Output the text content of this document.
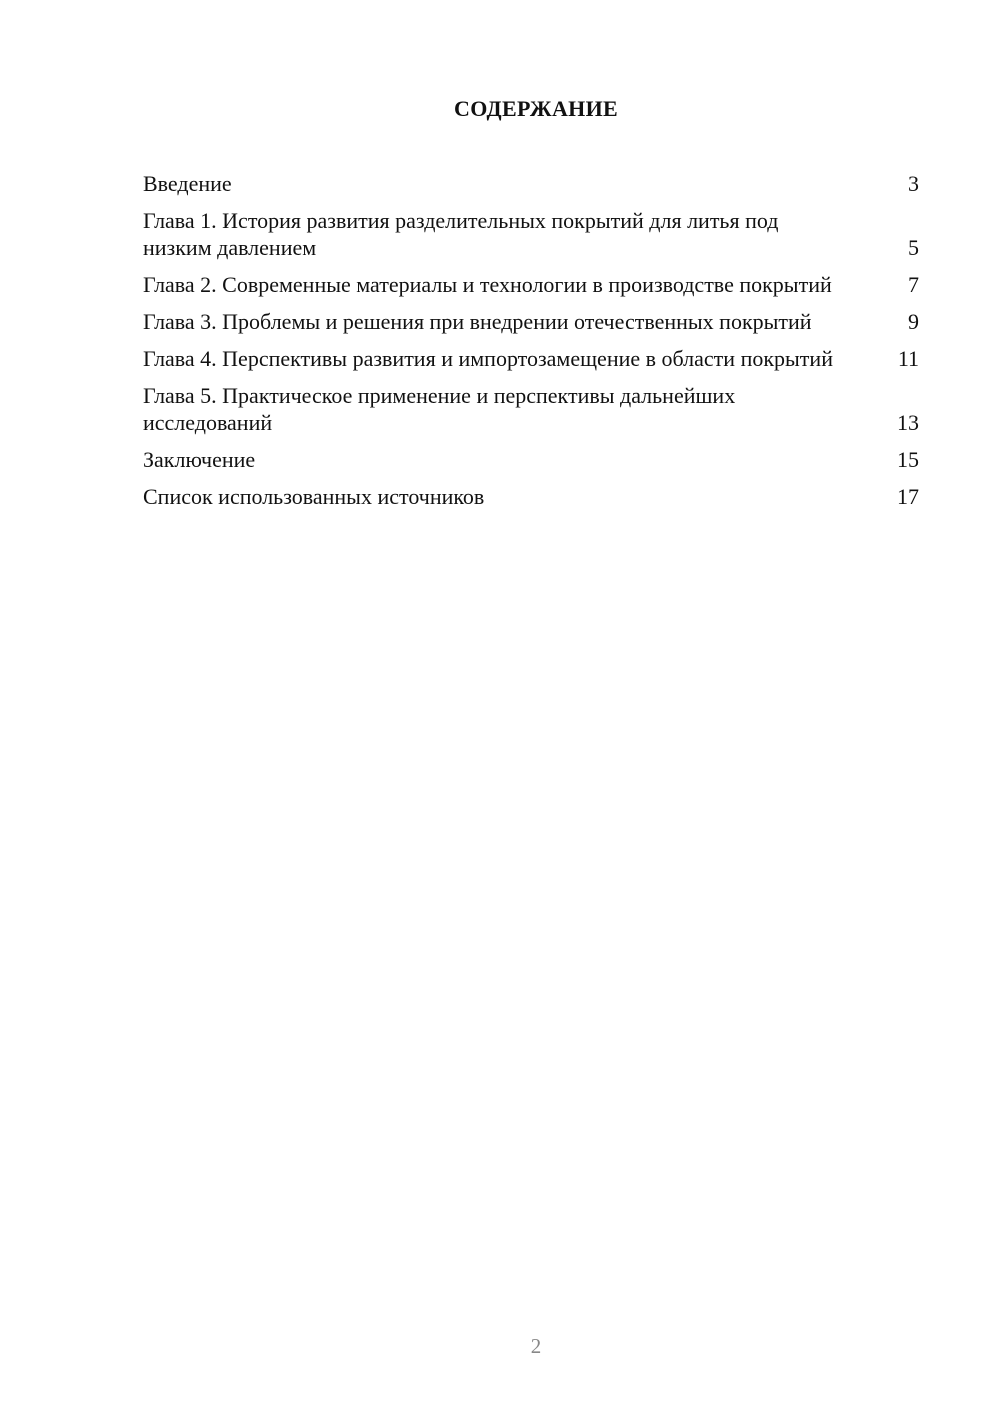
СОДЕРЖАНИЕ
Введение	3
Глава 1. История развития разделительных покрытий для литья под низким давлением	5
Глава 2. Современные материалы и технологии в производстве покрытий	7
Глава 3. Проблемы и решения при внедрении отечественных покрытий	9
Глава 4. Перспективы развития и импортозамещение в области покрытий	11
Глава 5. Практическое применение и перспективы дальнейших исследований	13
Заключение	15
Список использованных источников	17
2
